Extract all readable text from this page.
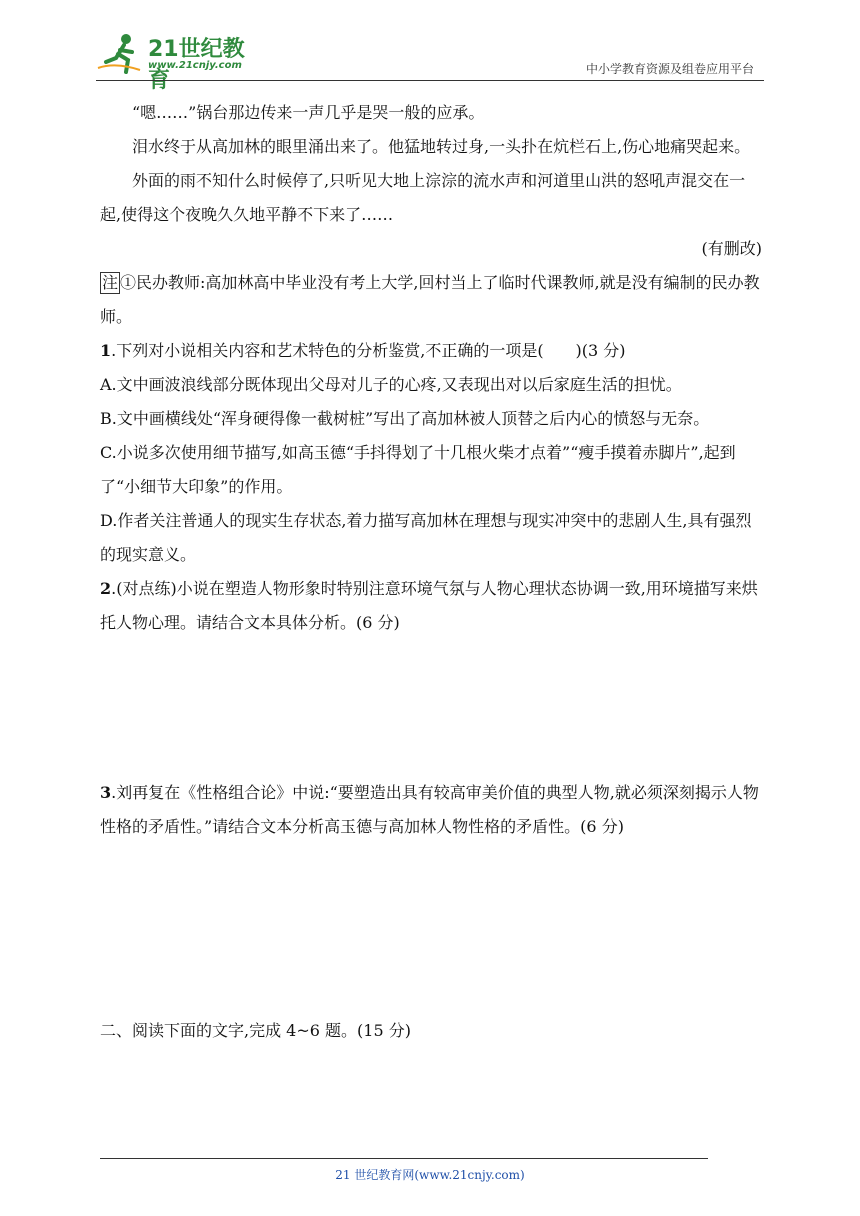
21世纪教育
www.21cnjy.com	中小学教育资源及组卷应用平台

“嗯……”锅台那边传来一声几乎是哭一般的应承。

泪水终于从高加林的眼里涌出来了。他猛地转过身,一头扑在炕栏石上,伤心地痛哭起来。

外面的雨不知什么时候停了,只听见大地上淙淙的流水声和河道里山洪的怒吼声混交在一起,使得这个夜晚久久地平静不下来了……

(有删改)

注 ①民办教师:高加林高中毕业没有考上大学,回村当上了临时代课教师,就是没有编制的民办教师。

1.下列对小说相关内容和艺术特色的分析鉴赏,不正确的一项是(　　)(3 分)

A.文中画波浪线部分既体现出父母对儿子的心疼,又表现出对以后家庭生活的担忧。

B.文中画横线处“浑身硬得像一截树桩”写出了高加林被人顶替之后内心的愤怒与无奈。

C.小说多次使用细节描写,如高玉德“手抖得划了十几根火柴才点着”“瘦手摸着赤脚片”,起到了“小细节大印象”的作用。

D.作者关注普通人的现实生存状态,着力描写高加林在理想与现实冲突中的悲剧人生,具有强烈的现实意义。

2.(对点练)小说在塑造人物形象时特别注意环境气氛与人物心理状态协调一致,用环境描写来烘托人物心理。请结合文本具体分析。(6 分)

3.刘再复在《性格组合论》中说:“要塑造出具有较高审美价值的典型人物,就必须深刻揭示人物性格的矛盾性。”请结合文本分析高玉德与高加林人物性格的矛盾性。(6 分)

二、阅读下面的文字,完成 4~6 题。(15 分)

21 世纪教育网(www.21cnjy.com)
